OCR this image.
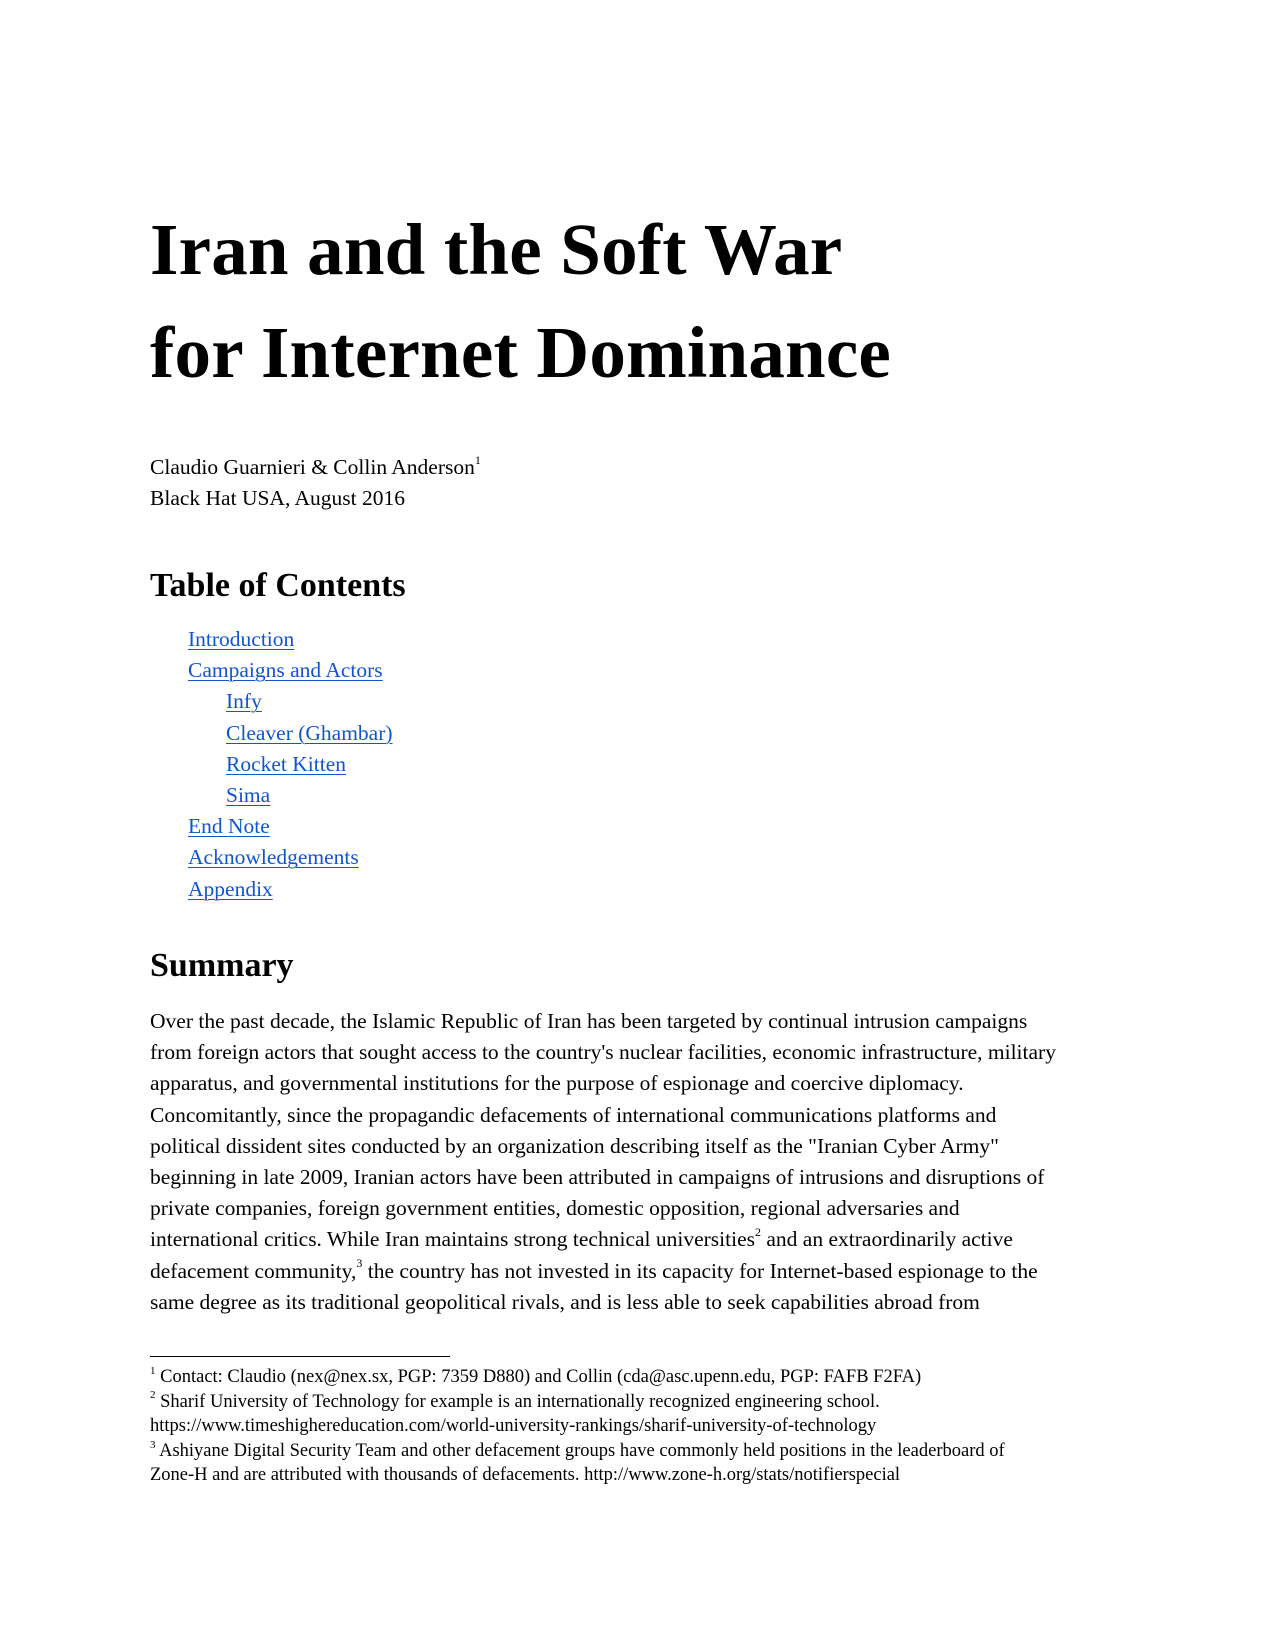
Iran and the Soft War
for Internet Dominance
Claudio Guarnieri & Collin Anderson$^1$
Black Hat USA, August 2016
Table of Contents
Introduction
Campaigns and Actors
Infy
Cleaver (Ghambar)
Rocket Kitten
Sima
End Note
Acknowledgements
Appendix
Summary

Over the past decade, the Islamic Republic of Iran has been targeted by continual intrusion campaigns
from foreign actors that sought access to the country's nuclear facilities, economic infrastructure, military
apparatus, and governmental institutions for the purpose of espionage and coercive diplomacy.
Concomitantly, since the propagandic defacements of international communications platforms and
political dissident sites conducted by an organization describing itself as the "Iranian Cyber Army"
beginning in late 2009, Iranian actors have been attributed in campaigns of intrusions and disruptions of
private companies, foreign government entities, domestic opposition, regional adversaries and
international critics. While Iran maintains strong technical universities$^2$ and an extraordinarily active
defacement community,$^3$ the country has not invested in its capacity for Internet-based espionage to the
same degree as its traditional geopolitical rivals, and is less able to seek capabilities abroad from

$^1$ Contact: Claudio (nex@nex.sx, PGP: 7359 D880) and Collin (cda@asc.upenn.edu, PGP: FAFB F2FA)
$^2$ Sharif University of Technology for example is an internationally recognized engineering school.
https://www.timeshighereducation.com/world-university-rankings/sharif-university-of-technology
$^3$ Ashiyane Digital Security Team and other defacement groups have commonly held positions in the leaderboard of
Zone-H and are attributed with thousands of defacements. http://www.zone-h.org/stats/notifierspecial
